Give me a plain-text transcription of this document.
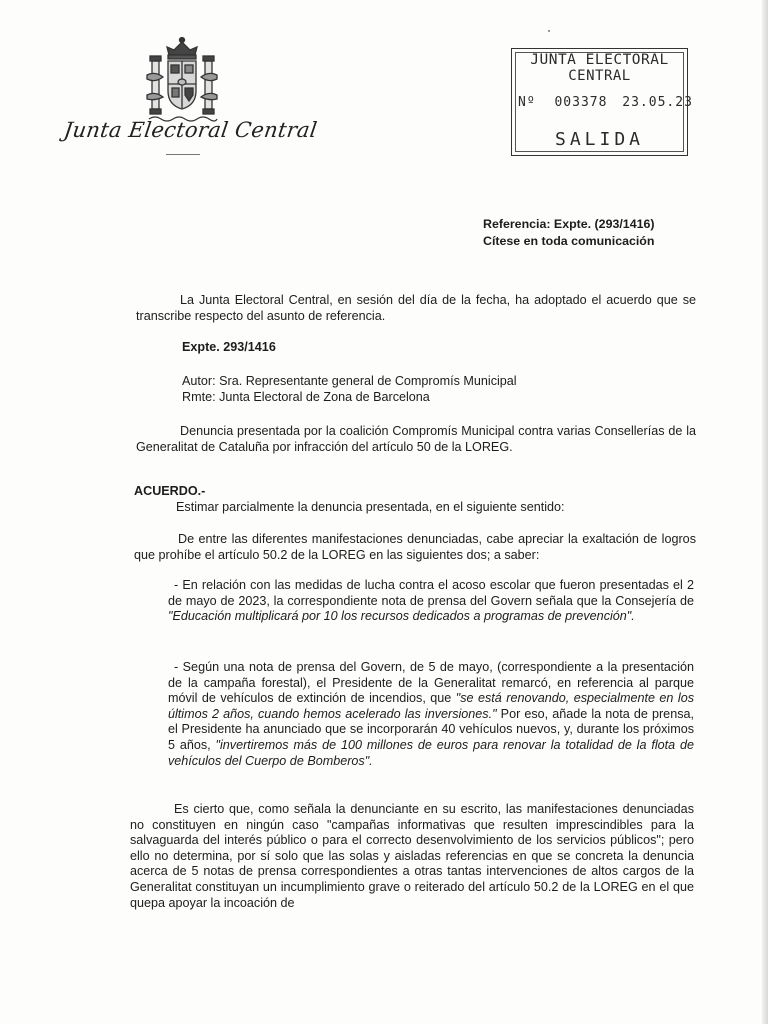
Junta Electoral Central
JUNTA ELECTORAL
CENTRAL
Nº 003378 23.05.23
SALIDA
Referencia: Expte. (293/1416)
Cítese en toda comunicación
La Junta Electoral Central, en sesión del día de la fecha, ha adoptado el acuerdo que se transcribe respecto del asunto de referencia.
Expte. 293/1416
Autor: Sra. Representante general de Compromís Municipal
Rmte: Junta Electoral de Zona de Barcelona
Denuncia presentada por la coalición Compromís Municipal contra varias Consellerías de la Generalitat de Cataluña por infracción del artículo 50 de la LOREG.
ACUERDO.-
Estimar parcialmente la denuncia presentada, en el siguiente sentido:
De entre las diferentes manifestaciones denunciadas, cabe apreciar la exaltación de logros que prohíbe el artículo 50.2 de la LOREG en las siguientes dos; a saber:
- En relación con las medidas de lucha contra el acoso escolar que fueron presentadas el 2 de mayo de 2023, la correspondiente nota de prensa del Govern señala que la Consejería de "Educación multiplicará por 10 los recursos dedicados a programas de prevención".
- Según una nota de prensa del Govern, de 5 de mayo, (correspondiente a la presentación de la campaña forestal), el Presidente de la Generalitat remarcó, en referencia al parque móvil de vehículos de extinción de incendios, que "se está renovando, especialmente en los últimos 2 años, cuando hemos acelerado las inversiones." Por eso, añade la nota de prensa, el Presidente ha anunciado que se incorporarán 40 vehículos nuevos, y, durante los próximos 5 años, "invertiremos más de 100 millones de euros para renovar la totalidad de la flota de vehículos del Cuerpo de Bomberos".
Es cierto que, como señala la denunciante en su escrito, las manifestaciones denunciadas no constituyen en ningún caso "campañas informativas que resulten imprescindibles para la salvaguarda del interés público o para el correcto desenvolvimiento de los servicios públicos"; pero ello no determina, por sí solo que las solas y aisladas referencias en que se concreta la denuncia acerca de 5 notas de prensa correspondientes a otras tantas intervenciones de altos cargos de la Generalitat constituyan un incumplimiento grave o reiterado del artículo 50.2 de la LOREG en el que quepa apoyar la incoación de
